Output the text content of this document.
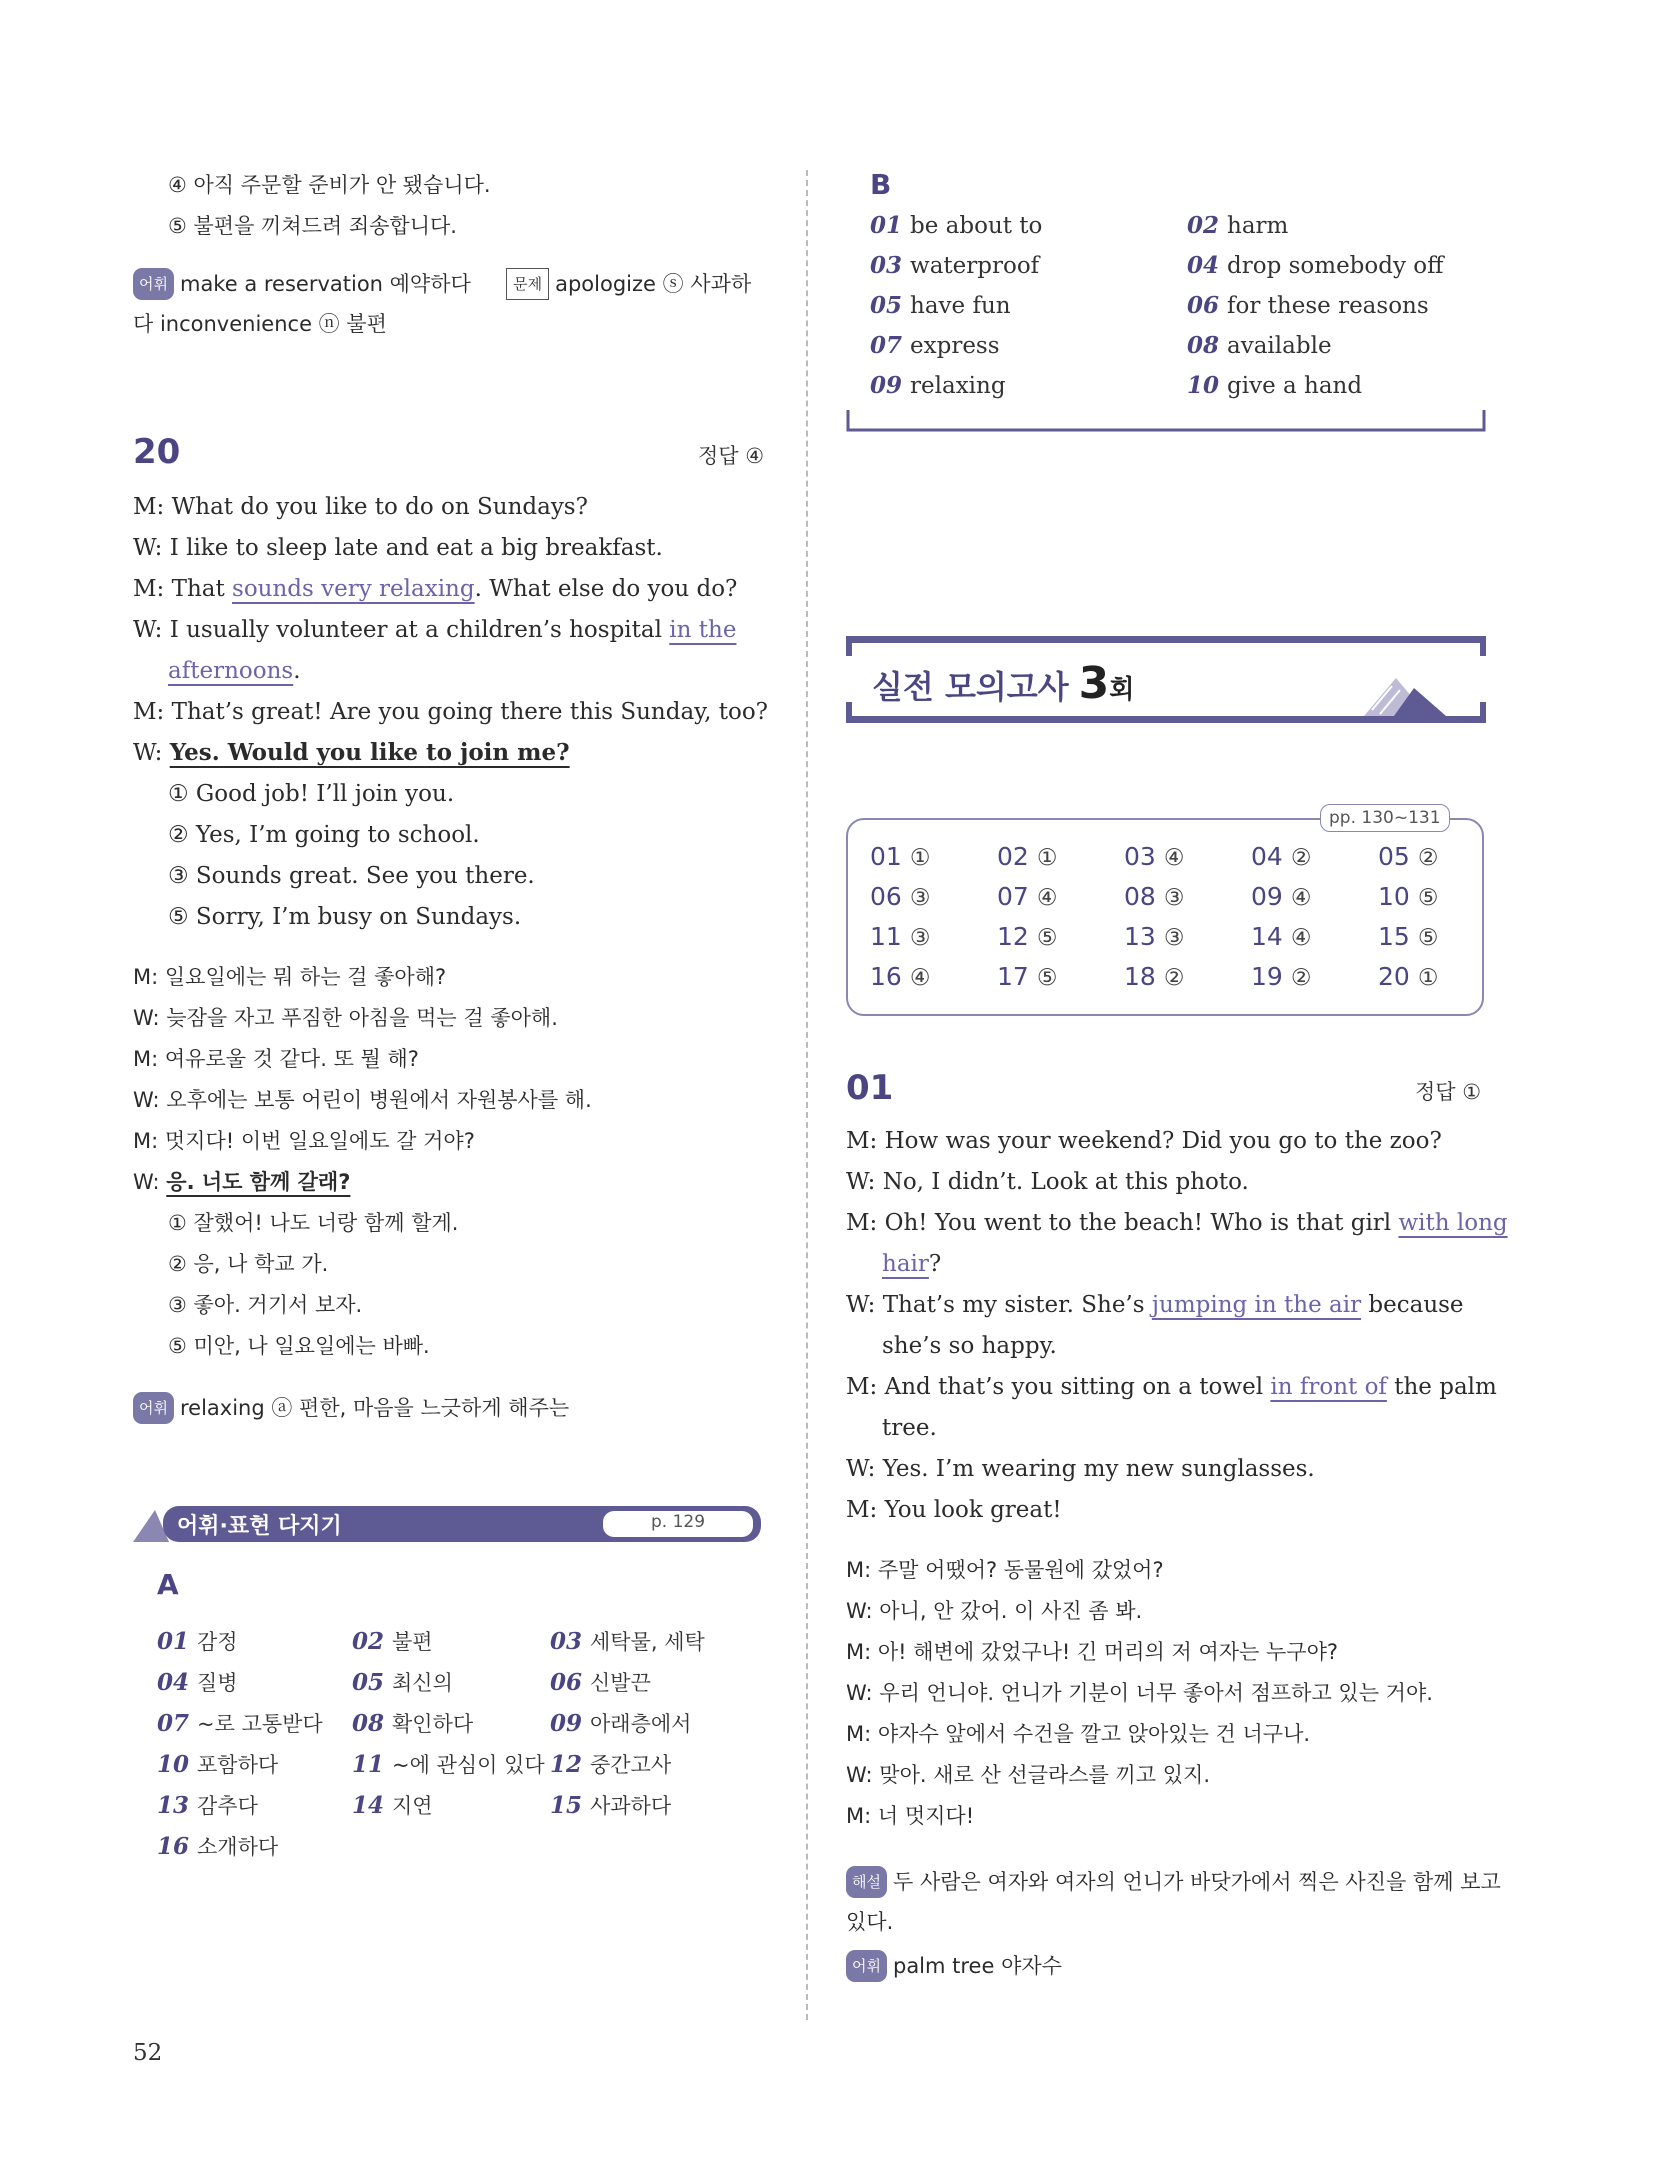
④ 아직 주문할 준비가 안 됐습니다.
⑤ 불편을 끼쳐드려 죄송합니다.
어휘 make a reservation 예약하다	문제 apologize ⓢ 사과하
다 inconvenience ⓝ 불편
20	정답 ④
M: What do you like to do on Sundays?
W: I like to sleep late and eat a big breakfast.
M: That sounds very relaxing. What else do you do?
W: I usually volunteer at a children’s hospital in the
afternoons.
M: That’s great! Are you going there this Sunday, too?
W: Yes. Would you like to join me?
① Good job! I’ll join you.
② Yes, I’m going to school.
③ Sounds great. See you there.
⑤ Sorry, I’m busy on Sundays.
M: 일요일에는 뭐 하는 걸 좋아해?
W: 늦잠을 자고 푸짐한 아침을 먹는 걸 좋아해.
M: 여유로울 것 같다. 또 뭘 해?
W: 오후에는 보통 어린이 병원에서 자원봉사를 해.
M: 멋지다! 이번 일요일에도 갈 거야?
W: 응. 너도 함께 갈래?
① 잘했어! 나도 너랑 함께 할게.
② 응, 나 학교 가.
③ 좋아. 거기서 보자.
⑤ 미안, 나 일요일에는 바빠.
어휘 relaxing ⓐ 편한, 마음을 느긋하게 해주는
어휘·표현 다지기	p. 129
A
01 감정	02 불편	03 세탁물, 세탁
04 질병	05 최신의	06 신발끈
07 ~로 고통받다 08 확인하다	09 아래층에서
10 포함하다	11 ~에 관심이 있다 12 중간고사
13 감추다	14 지연	15 사과하다
16 소개하다
52
B
01 be about to	02 harm
03 waterproof	04 drop somebody off
05 have fun	06 for these reasons
07 express	08 available
09 relaxing	10 give a hand
실전 모의고사 3회
pp. 130~131
01 ①	02 ①	03 ④	04 ②	05 ②
06 ③	07 ④	08 ③	09 ④	10 ⑤
11 ③	12 ⑤	13 ③	14 ④	15 ⑤
16 ④	17 ⑤	18 ②	19 ②	20 ①
01	정답 ①
M: How was your weekend? Did you go to the zoo?
W: No, I didn’t. Look at this photo.
M: Oh! You went to the beach! Who is that girl with long
hair?
W: That’s my sister. She’s jumping in the air because
she’s so happy.
M: And that’s you sitting on a towel in front of the palm
tree.
W: Yes. I’m wearing my new sunglasses.
M: You look great!
M: 주말 어땠어? 동물원에 갔었어?
W: 아니, 안 갔어. 이 사진 좀 봐.
M: 아! 해변에 갔었구나! 긴 머리의 저 여자는 누구야?
W: 우리 언니야. 언니가 기분이 너무 좋아서 점프하고 있는 거야.
M: 야자수 앞에서 수건을 깔고 앉아있는 건 너구나.
W: 맞아. 새로 산 선글라스를 끼고 있지.
M: 너 멋지다!
해설 두 사람은 여자와 여자의 언니가 바닷가에서 찍은 사진을 함께 보고
있다.
어휘 palm tree 야자수
